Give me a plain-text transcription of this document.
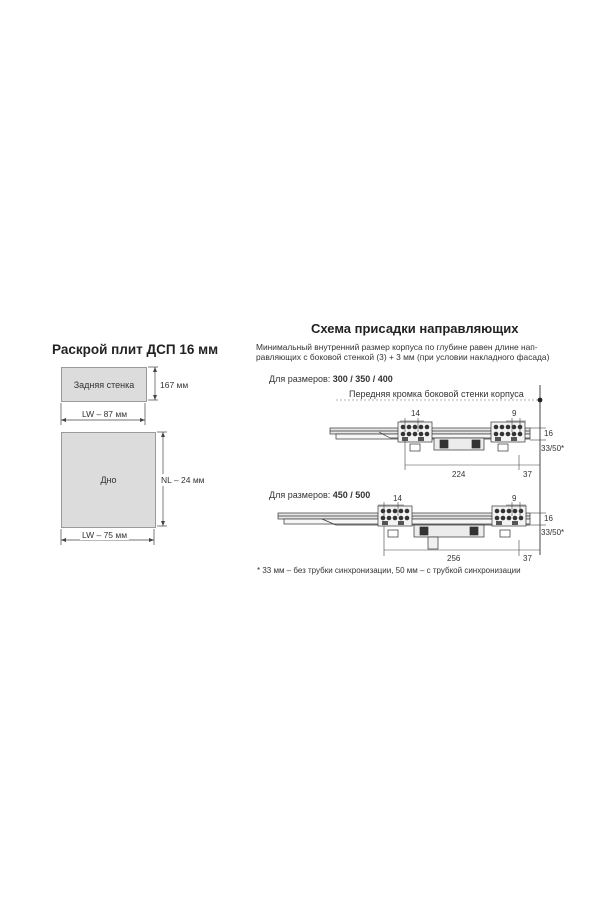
Раскрой плит ДСП 16 мм
Задняя стенка
Дно
167 мм
LW – 87 мм
NL – 24 мм
LW – 75 мм
Схема присадки направляющих
Минимальный внутренний размер корпуса по глубине равен длине нап-
равляющих с боковой стенкой (3) + 3 мм (при условии накладного фасада)
Для размеров: 300 / 350 / 400
Передняя кромка боковой стенки корпуса
Для размеров: 450 / 500
14	9
224	37
16
33/50*
14	9
256	37
16
33/50*
* 33 мм – без трубки синхронизации, 50 мм – с трубкой синхронизации
